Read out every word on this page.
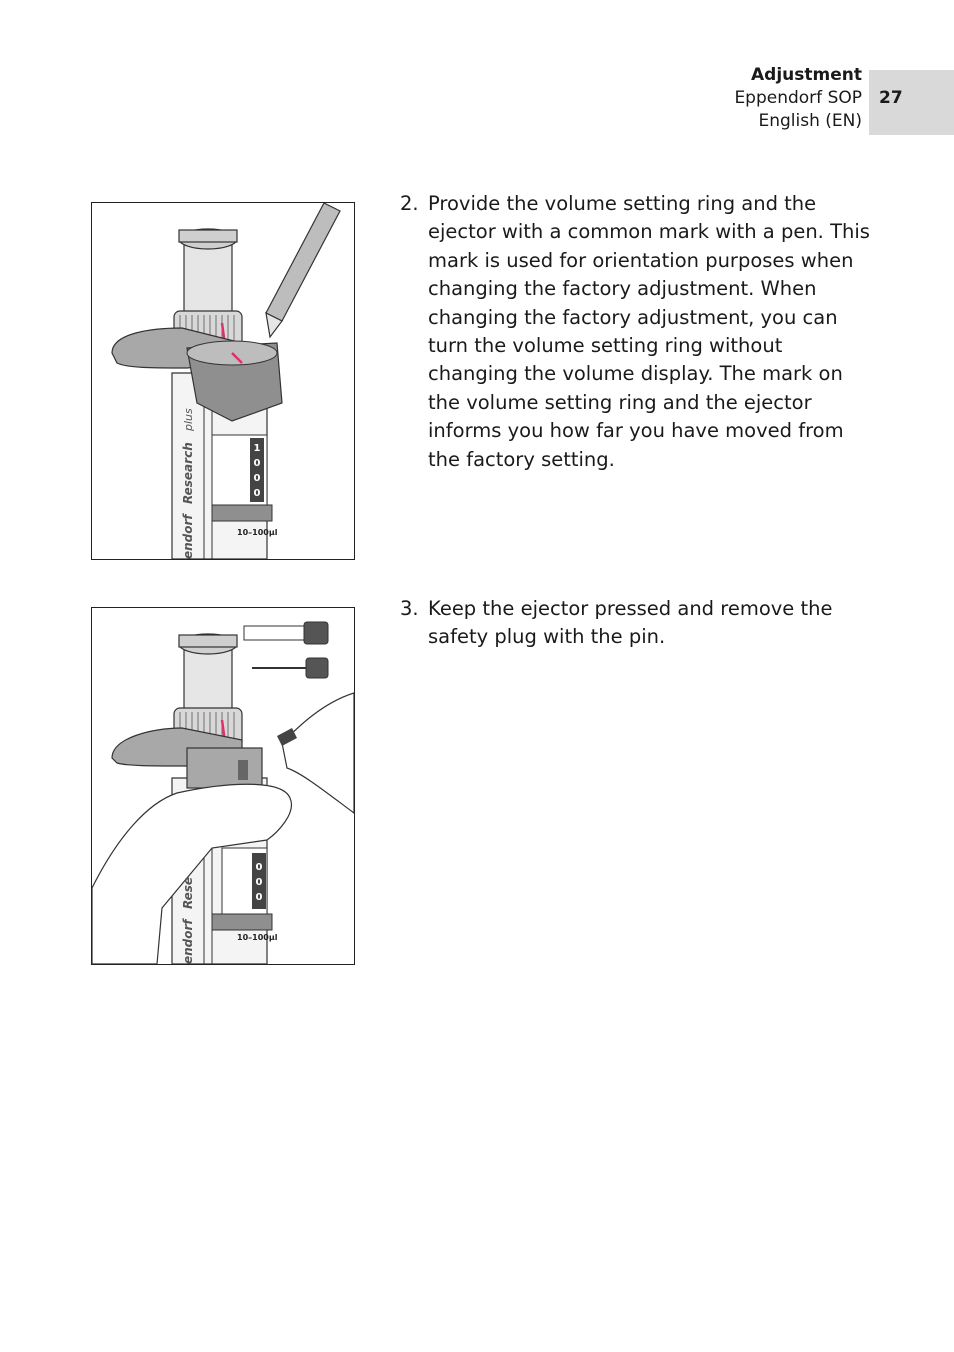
Adjustment
Eppendorf SOP
English (EN)
27
1
0
0
0
10–100µl
endorf
Research
plus
2. Provide the volume setting ring and the ejector with a common mark with a pen. This mark is used for orientation purposes when changing the factory adjustment. When changing the factory adjustment, you can turn the volume setting ring without changing the volume display. The mark on the volume setting ring and the ejector informs you how far you have moved from the factory setting.
0
0
0
10–100µl
endorf
Rese
3. Keep the ejector pressed and remove the safety plug with the pin.
